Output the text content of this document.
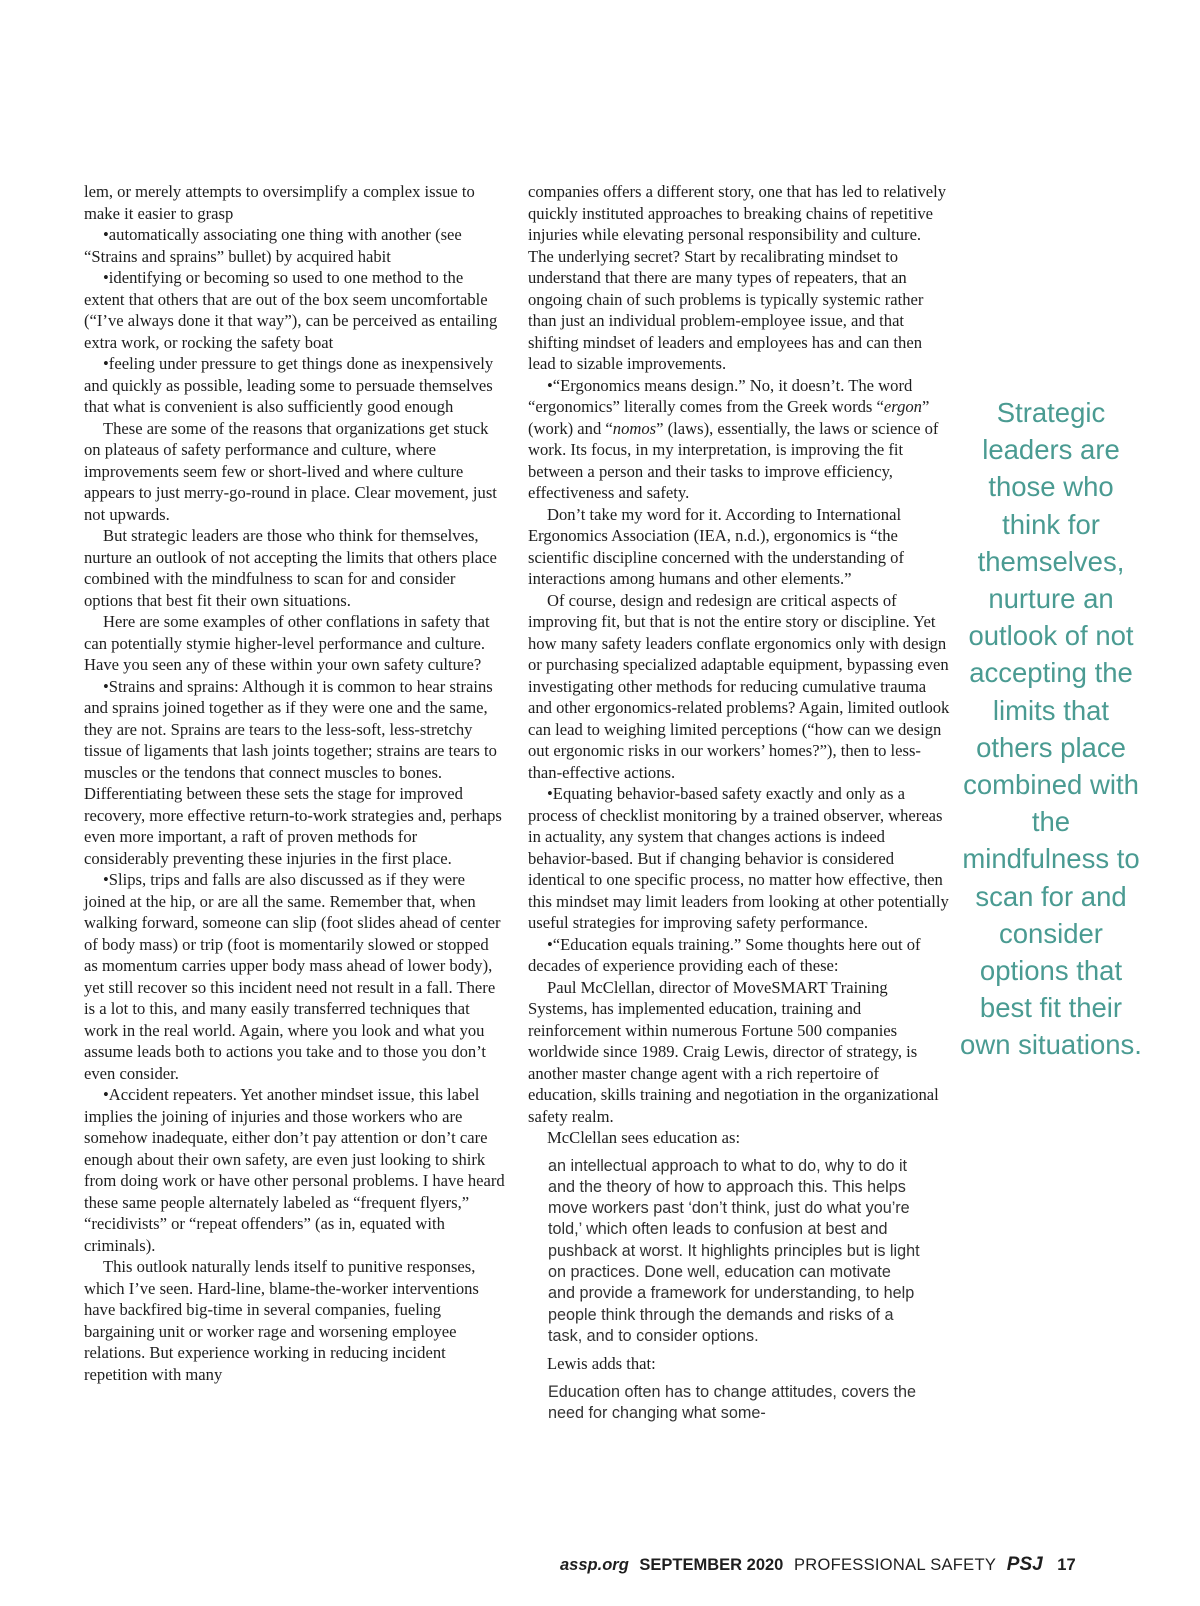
lem, or merely attempts to oversimplify a complex issue to make it easier to grasp

•automatically associating one thing with another (see “Strains and sprains” bullet) by acquired habit

•identifying or becoming so used to one method to the extent that others that are out of the box seem uncomfortable (“I’ve always done it that way”), can be perceived as entailing extra work, or rocking the safety boat

•feeling under pressure to get things done as inexpensively and quickly as possible, leading some to persuade themselves that what is convenient is also sufficiently good enough

These are some of the reasons that organizations get stuck on plateaus of safety performance and culture, where improvements seem few or short-lived and where culture appears to just merry-go-round in place. Clear movement, just not upwards.

But strategic leaders are those who think for themselves, nurture an outlook of not accepting the limits that others place combined with the mindfulness to scan for and consider options that best fit their own situations.

Here are some examples of other conflations in safety that can potentially stymie higher-level performance and culture. Have you seen any of these within your own safety culture?

•Strains and sprains: Although it is common to hear strains and sprains joined together as if they were one and the same, they are not. Sprains are tears to the less-soft, less-stretchy tissue of ligaments that lash joints together; strains are tears to muscles or the tendons that connect muscles to bones. Differentiating between these sets the stage for improved recovery, more effective return-to-work strategies and, perhaps even more important, a raft of proven methods for considerably preventing these injuries in the first place.

•Slips, trips and falls are also discussed as if they were joined at the hip, or are all the same. Remember that, when walking forward, someone can slip (foot slides ahead of center of body mass) or trip (foot is momentarily slowed or stopped as momentum carries upper body mass ahead of lower body), yet still recover so this incident need not result in a fall. There is a lot to this, and many easily transferred techniques that work in the real world. Again, where you look and what you assume leads both to actions you take and to those you don’t even consider.

•Accident repeaters. Yet another mindset issue, this label implies the joining of injuries and those workers who are somehow inadequate, either don’t pay attention or don’t care enough about their own safety, are even just looking to shirk from doing work or have other personal problems. I have heard these same people alternately labeled as “frequent flyers,” “recidivists” or “repeat offenders” (as in, equated with criminals).

This outlook naturally lends itself to punitive responses, which I’ve seen. Hard-line, blame-the-worker interventions have backfired big-time in several companies, fueling bargaining unit or worker rage and worsening employee relations. But experience working in reducing incident repetition with many

companies offers a different story, one that has led to relatively quickly instituted approaches to breaking chains of repetitive injuries while elevating personal responsibility and culture. The underlying secret? Start by recalibrating mindset to understand that there are many types of repeaters, that an ongoing chain of such problems is typically systemic rather than just an individual problem-employee issue, and that shifting mindset of leaders and employees has and can then lead to sizable improvements.

•“Ergonomics means design.” No, it doesn’t. The word “ergonomics” literally comes from the Greek words “ergon” (work) and “nomos” (laws), essentially, the laws or science of work. Its focus, in my interpretation, is improving the fit between a person and their tasks to improve efficiency, effectiveness and safety.

Don’t take my word for it. According to International Ergonomics Association (IEA, n.d.), ergonomics is “the scientific discipline concerned with the understanding of interactions among humans and other elements.”

Of course, design and redesign are critical aspects of improving fit, but that is not the entire story or discipline. Yet how many safety leaders conflate ergonomics only with design or purchasing specialized adaptable equipment, bypassing even investigating other methods for reducing cumulative trauma and other ergonomics-related problems? Again, limited outlook can lead to weighing limited perceptions (“how can we design out ergonomic risks in our workers’ homes?”), then to less-than-effective actions.

•Equating behavior-based safety exactly and only as a process of checklist monitoring by a trained observer, whereas in actuality, any system that changes actions is indeed behavior-based. But if changing behavior is considered identical to one specific process, no matter how effective, then this mindset may limit leaders from looking at other potentially useful strategies for improving safety performance.

•“Education equals training.” Some thoughts here out of decades of experience providing each of these:

Paul McClellan, director of MoveSMART Training Systems, has implemented education, training and reinforcement within numerous Fortune 500 companies worldwide since 1989. Craig Lewis, director of strategy, is another master change agent with a rich repertoire of education, skills training and negotiation in the organizational safety realm.

McClellan sees education as:

an intellectual approach to what to do, why to do it and the theory of how to approach this. This helps move workers past ‘don’t think, just do what you’re told,’ which often leads to confusion at best and pushback at worst. It highlights principles but is light on practices. Done well, education can motivate and provide a framework for understanding, to help people think through the demands and risks of a task, and to consider options.

Lewis adds that:

Education often has to change attitudes, covers the need for changing what some-

Strategic leaders are those who think for themselves, nurture an outlook of not accepting the limits that others place combined with the mindfulness to scan for and consider options that best fit their own situations.
assp.org SEPTEMBER 2020 PROFESSIONAL SAFETY PSJ 17
